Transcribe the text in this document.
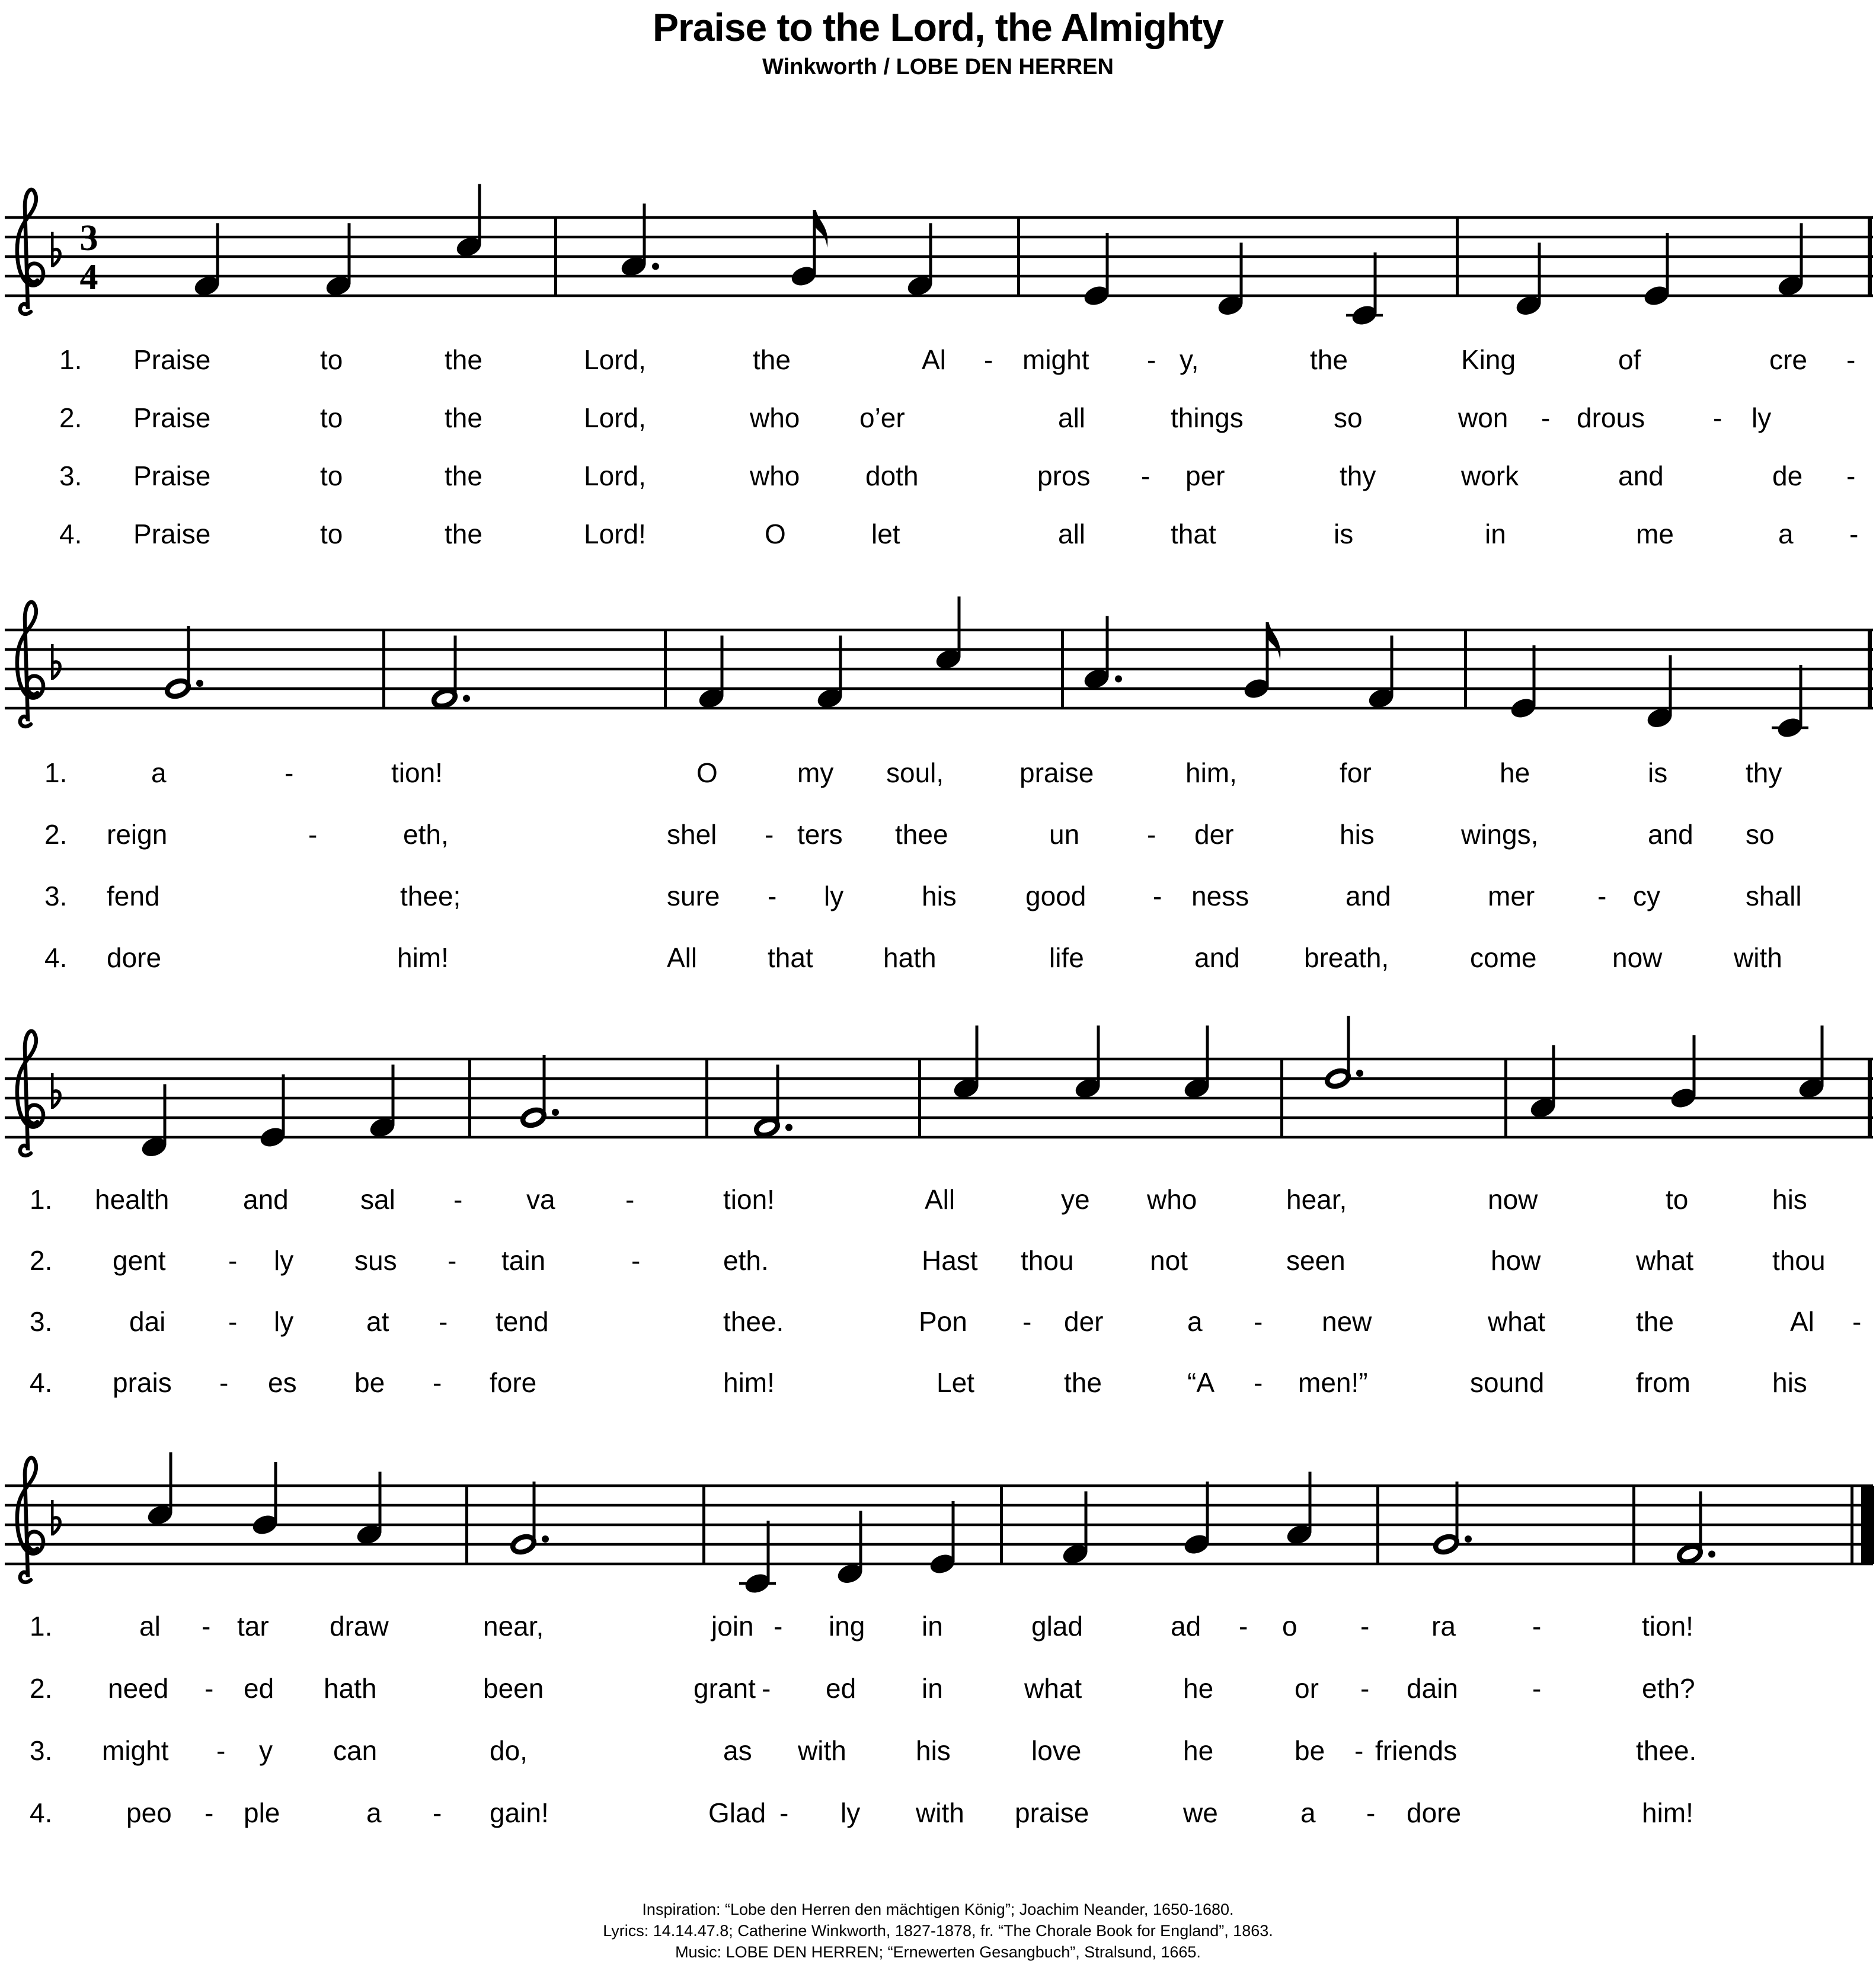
Praise to the Lord, the Almighty
Winkworth / LOBE DEN HERREN
3
4
1. Praise	to	the	Lord,	the	Al - might - y,	the	King	of	cre -
2. Praise	to	the	Lord,	who o’er	all	things	so	won - drous - ly
3. Praise	to	the	Lord,	who doth	pros - per	thy	work	and	de -
4. Praise	to	the	Lord!	O	let	all	that	is	in	me	a -
1.	a	-	tion!	O	my soul,	praise	him,	for	he	is	thy
2. reign	-	eth,	shel - ters thee	un - der	his	wings,	and so
3. fend	thee;	sure - ly	his	good - ness	and	mer - cy	shall
4. dore	him!	All	that	hath	life	and breath,	come	now	with
1. health	and	sal - va	-	tion!	All	ye who	hear,	now	to	his
2. gent - ly sus - tain	-	eth.	Hast thou	not	seen	how	what	thou
3.	dai - ly	at - tend	thee.	Pon - der	a - new	what	the	Al -
4. prais - es be - fore	him!	Let	the	“A - men!”	sound	from	his
1.	al - tar draw	near,	join - ing in	glad	ad - o - ra	-	tion!
2. need - ed hath	been	grant - ed in	what	he	or - dain	-	eth?
3. might - y can	do,	as with	his	love	he	be - friends	thee.
4.	peo - ple	a - gain!	Glad - ly with praise	we	a - dore	him!
Inspiration: “Lobe den Herren den mächtigen König”; Joachim Neander, 1650-1680.
Lyrics: 14.14.47.8; Catherine Winkworth, 1827-1878, fr. “The Chorale Book for England”, 1863.
Music: LOBE DEN HERREN; “Ernewerten Gesangbuch”, Stralsund, 1665.
